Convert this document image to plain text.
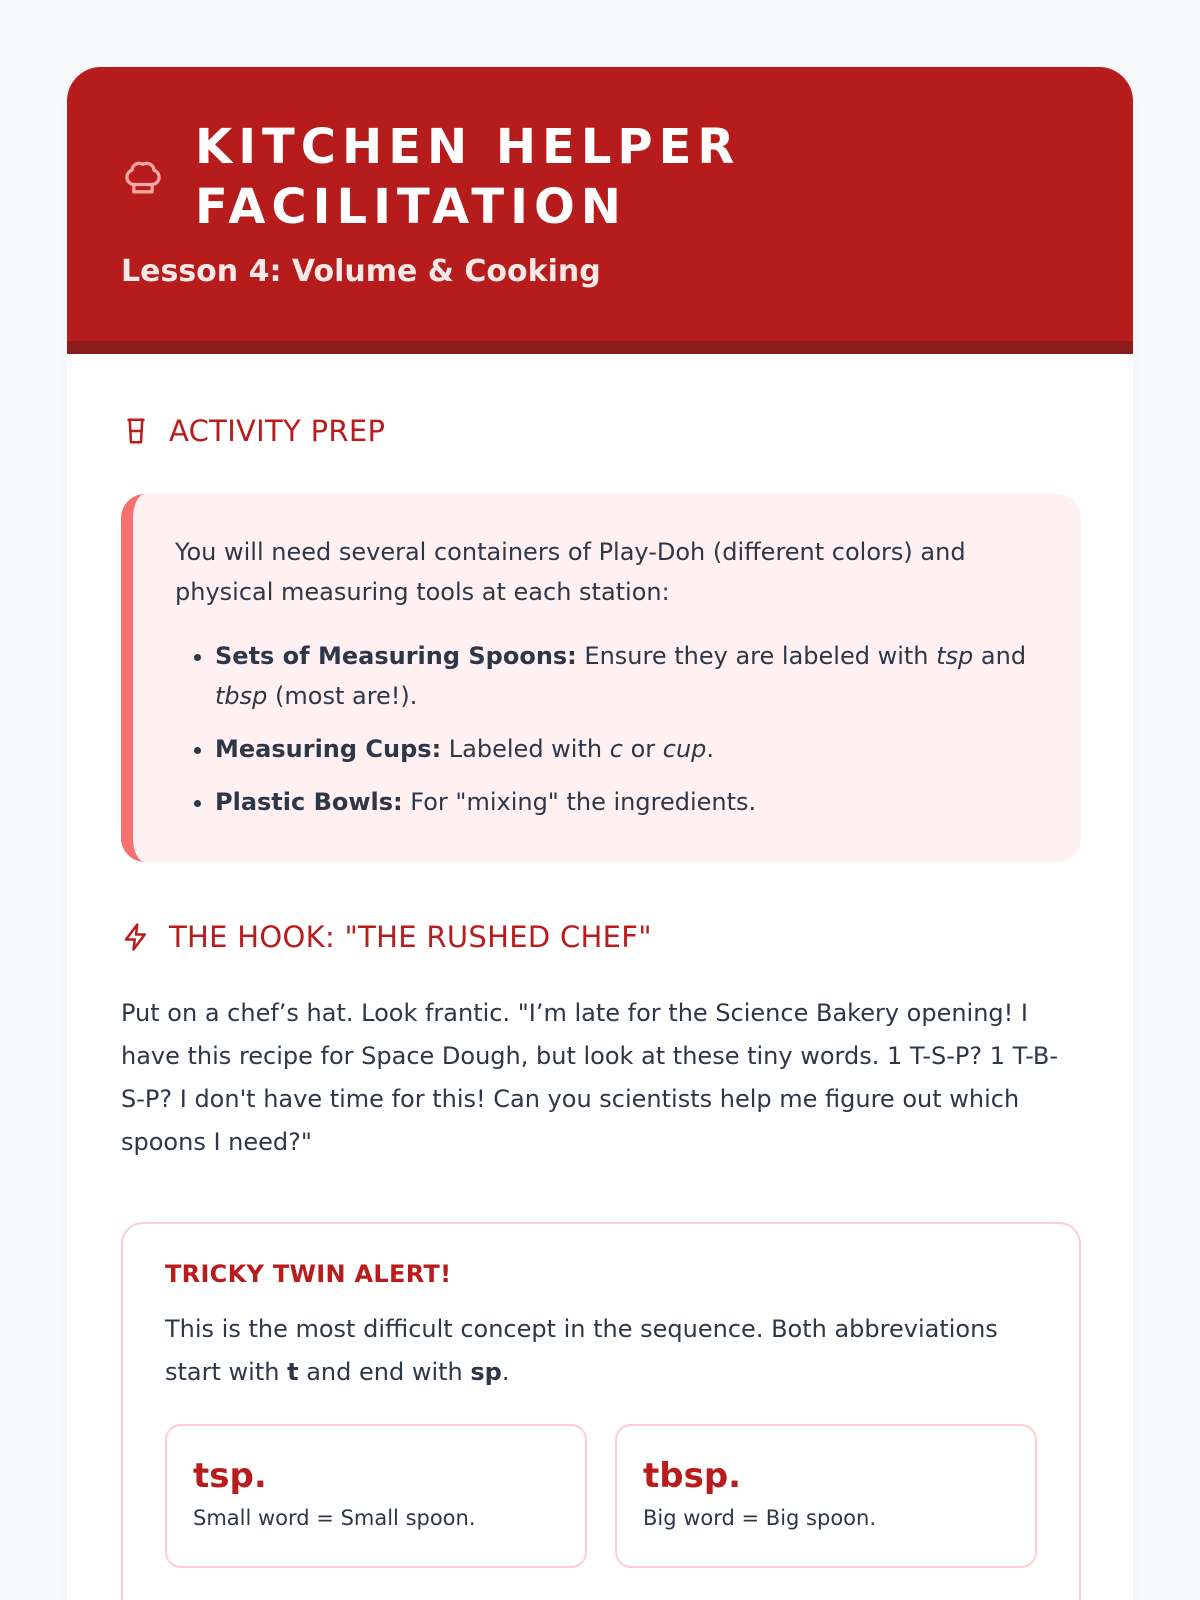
KITCHEN HELPER FACILITATION
Lesson 4: Volume & Cooking
ACTIVITY PREP

You will need several containers of Play-Doh (different colors) and physical measuring tools at each station:

• Sets of Measuring Spoons: Ensure they are labeled with tsp and tbsp (most are!).
• Measuring Cups: Labeled with c or cup.
• Plastic Bowls: For "mixing" the ingredients.
THE HOOK: "THE RUSHED CHEF"

Put on a chef’s hat. Look frantic. "I’m late for the Science Bakery opening! I have this recipe for Space Dough, but look at these tiny words. 1 T-S-P? 1 T-B-S-P? I don't have time for this! Can you scientists help me figure out which spoons I need?"

TRICKY TWIN ALERT!

This is the most difficult concept in the sequence. Both abbreviations start with t and end with sp.

tsp.
Small word = Small spoon.
tbsp.
Big word = Big spoon.
